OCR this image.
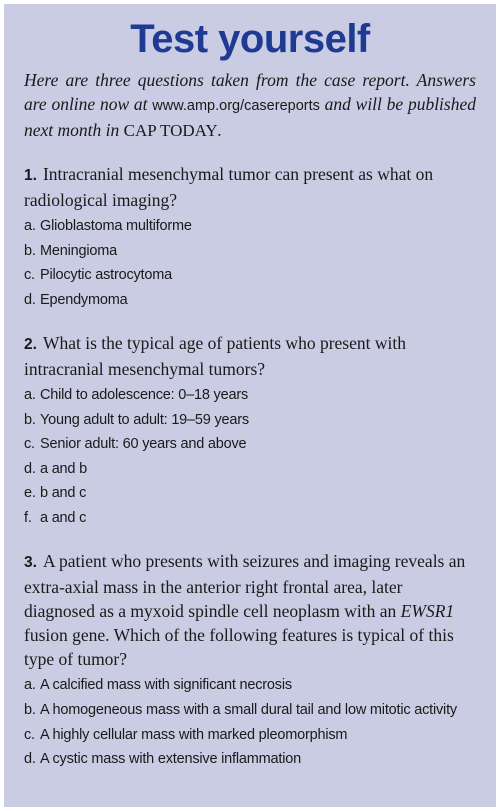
Test yourself

Here are three questions taken from the case report. Answers are online now at www.amp.org/casereports and will be published next month in CAP TODAY.

1. Intracranial mesenchymal tumor can present as what on radiological imaging?

a. Glioblastoma multiforme
b. Meningioma
c. Pilocytic astrocytoma
d. Ependymoma

2. What is the typical age of patients who present with intracranial mesenchymal tumors?

a. Child to adolescence: 0–18 years
b. Young adult to adult: 19–59 years
c. Senior adult: 60 years and above
d. a and b
e. b and c
f. a and c

3. A patient who presents with seizures and imaging reveals an extra-axial mass in the anterior right frontal area, later diagnosed as a myxoid spindle cell neoplasm with an EWSR1 fusion gene. Which of the following features is typical of this type of tumor?

a. A calcified mass with significant necrosis
b. A homogeneous mass with a small dural tail and low mitotic activity
c. A highly cellular mass with marked pleomorphism
d. A cystic mass with extensive inflammation
